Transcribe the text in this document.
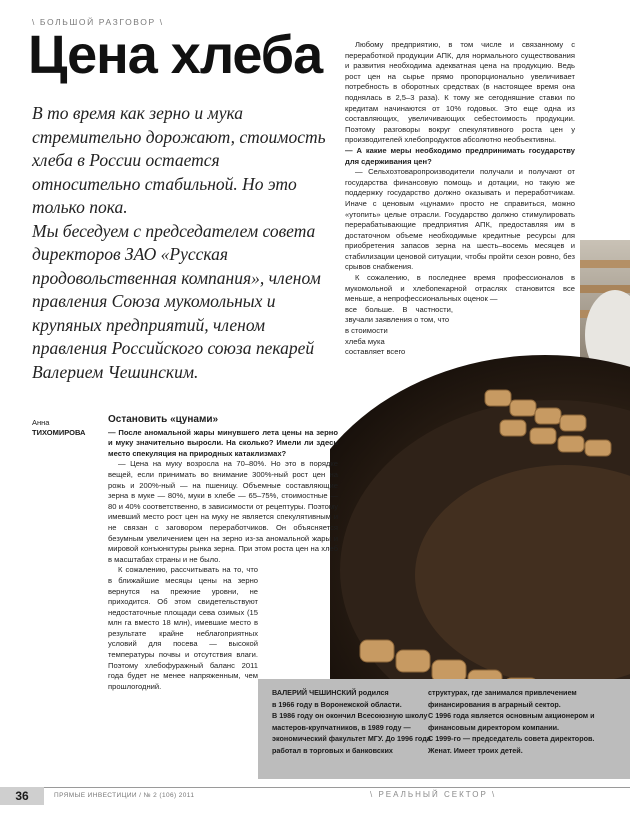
\ БОЛЬШОЙ РАЗГОВОР \
Цена хлеба

В то время как зерно и мука стремительно дорожают, стоимость хлеба в России остается относительно стабильной. Но это только пока.

Мы беседуем с председателем совета директоров ЗАО «Русская продовольственная компания», членом правления Союза мукомольных и крупяных предприятий, членом правления Российского союза пекарей Валерием Чешинским.

Анна
ТИХОМИРОВА
Остановить «цунами»

— После аномальной жары минувшего лета цены на зерно и муку значительно выросли. На сколько? Имели ли здесь место спекуляция на природных катаклизмах?

— Цена на муку возросла на 70–80%. Но это в порядке вещей, если принимать во внимание 300%-ный рост цен на рожь и 200%-ный — на пшеницу. Объемные составляющие зерна в муке — 80%, муки в хлебе — 65–75%, стоимостные — 80 и 40% соответственно, в зависимости от рецептуры. Поэтому имевший место рост цен на муку не является спекулятивным и не связан с заговором переработчиков. Он объясняется безумным увеличением цен на зерно из-за аномальной жары и мировой конъюнктуры рынка зерна. При этом роста цен на хлеб в масштабах страны и не было.

К сожалению, рассчитывать на то, что в ближайшие месяцы цены на зерно вернутся на прежние уровни, не приходится. Об этом свидетельствуют недостаточные площади сева озимых (15 млн га вместо 18 млн), имевшие место в результате крайне неблагоприятных условий для посева — высокой температуры почвы и отсутствия влаги. Поэтому хлебофуражный баланс 2011 года будет не менее напряженным, чем прошлогодний.

Любому предприятию, в том числе и связанному с переработкой продукции АПК, для нормального существования и развития необходима адекватная цена на продукцию. Ведь рост цен на сырье прямо пропорционально увеличивает потребность в оборотных средствах (в настоящее время она поднялась в 2,5–3 раза). К тому же сегодняшние ставки по кредитам начинаются от 10% годовых. Это еще одна из составляющих, увеличивающих себестоимость продукции. Поэтому разговоры вокруг спекулятивного роста цен у производителей хлебопродуктов абсолютно необъективны.

— А какие меры необходимо предпринимать государству для сдерживания цен?

— Сельхозтоваропроизводители получали и получают от государства финансовую помощь и дотации, но такую же поддержку государство должно оказывать и переработчикам. Иначе с ценовым «цунами» просто не справиться, можно «утопить» целые отрасли. Государство должно стимулировать перерабатывающие предприятия АПК, предоставляя им в достаточном объеме необходимые кредитные ресурсы для приобретения запасов зерна на шесть–восемь месяцев и стабилизации ценовой ситуации, чтобы пройти сезон ровно, без срывов снабжения.

К сожалению, в последнее время профессионалов в мукомольной и хлебопекарной отраслях становится все меньше, а непрофессиональных оценок —

все больше. В частности, звучали заявления о том, что

в стоимости хлеба мука составляет всего

ВАЛЕРИЙ ЧЕШИНСКИЙ родился

в 1966 году в Воронежской области.

В 1986 году он окончил Всесоюзную школу

мастеров-крупчатников, в 1989 году — экономический факультет МГУ. До 1996 года

работал в торговых и банковских

структурах, где занимался привлечением финансирования в аграрный сектор.

С 1996 года является основным акционером и финансовым директором компании.

С 1999-го — председатель совета директоров. Женат. Имеет троих детей.

36	ПРЯМЫЕ ИНВЕСТИЦИИ / № 2 (106) 2011	\ РЕАЛЬНЫЙ СЕКТОР \
